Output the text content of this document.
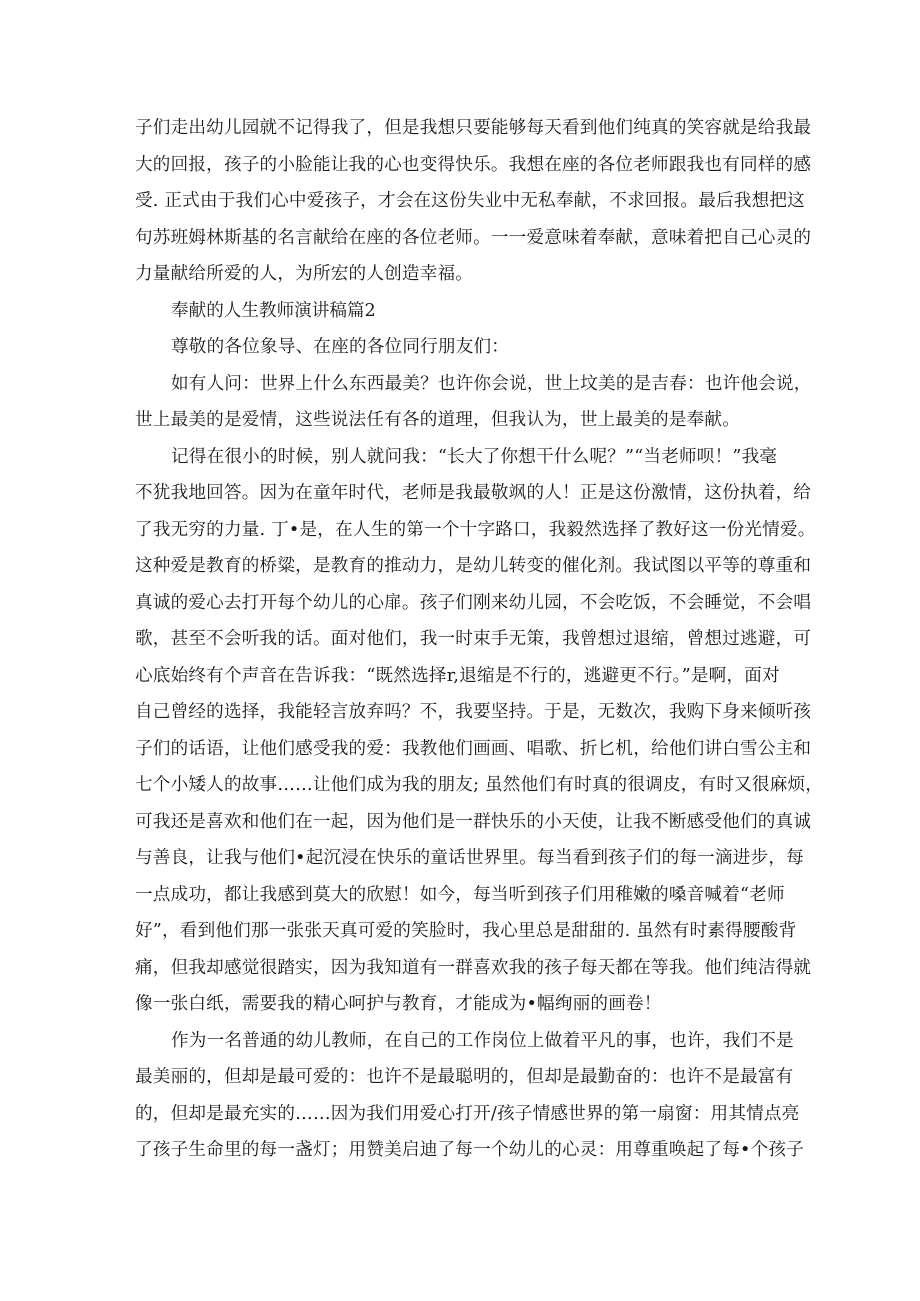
子们走出幼儿园就不记得我了，但是我想只要能够每天看到他们纯真的笑容就是给我最
大的回报，孩子的小脸能让我的心也变得快乐。我想在座的各位老师跟我也有同样的感
受. 正式由于我们心中爱孩子，才会在这份失业中无私奉献，不求回报。最后我想把这
句苏班姆林斯基的名言献给在座的各位老师。一一爱意味着奉献，意味着把自己心灵的
力量献给所爱的人，为所宏的人创造幸福。

奉献的人生教师演讲稿篇2

尊敬的各位象导、在座的各位同行朋友们：

如有人问：世界上什么东西最美？也许你会说，世上坟美的是吉春：也许他会说，
世上最美的是爱情，这些说法任有各的道理，但我认为，世上最美的是奉献。

记得在很小的时候，别人就问我：“长大了你想干什么呢？”“当老师呗！”我毫
不犹我地回答。因为在童年时代，老师是我最敬飒的人！正是这份激情，这份执着，给
了我无穷的力量. 丁•是，在人生的第一个十字路口，我毅然选择了教好这一份光情爱。
这种爱是教育的桥粱，是教育的推动力，是幼儿转变的催化剂。我试图以平等的尊重和
真诚的爱心去打开每个幼儿的心扉。孩子们刚来幼儿园，不会吃饭，不会睡觉，不会唱
歌，甚至不会听我的话。面对他们，我一时束手无策，我曾想过退缩，曾想过逃避，可
心底始终有个声音在告诉我：“既然选择r,退缩是不行的，逃避更不行。”是啊，面对
自己曾经的选择，我能轻言放弃吗？不，我要坚持。于是，无数次，我购下身来倾听孩
子们的话语，让他们感受我的爱：我教他们画画、唱歌、折匕机，给他们讲白雪公主和
七个小矮人的故事……让他们成为我的朋友; 虽然他们有时真的很调皮，有时又很麻烦，
可我还是喜欢和他们在一起，因为他们是一群快乐的小天使，让我不断感受他们的真诚
与善良，让我与他们•起沉浸在快乐的童话世界里。每当看到孩子们的每一滴进步，每
一点成功，都让我感到莫大的欣慰！如今，每当听到孩子们用稚嫩的嗓音喊着“老师
好”，看到他们那一张张天真可爱的笑脸时，我心里总是甜甜的. 虽然有时素得腰酸背
痛，但我却感觉很踏实，因为我知道有一群喜欢我的孩子每天都在等我。他们纯洁得就
像一张白纸，需要我的精心呵护与教育，才能成为•幅绚丽的画卷！

作为一名普通的幼儿教师，在自己的工作岗位上做着平凡的事，也许，我们不是
最美丽的，但却是最可爱的：也许不是最聪明的，但却是最勤奋的：也许不是最富有
的，但却是最充实的……因为我们用爱心打开/孩子情感世界的第一扇窗：用其情点亮
了孩子生命里的每一盏灯；用赞美启迪了每一个幼儿的心灵：用尊重唤起了每•个孩子
